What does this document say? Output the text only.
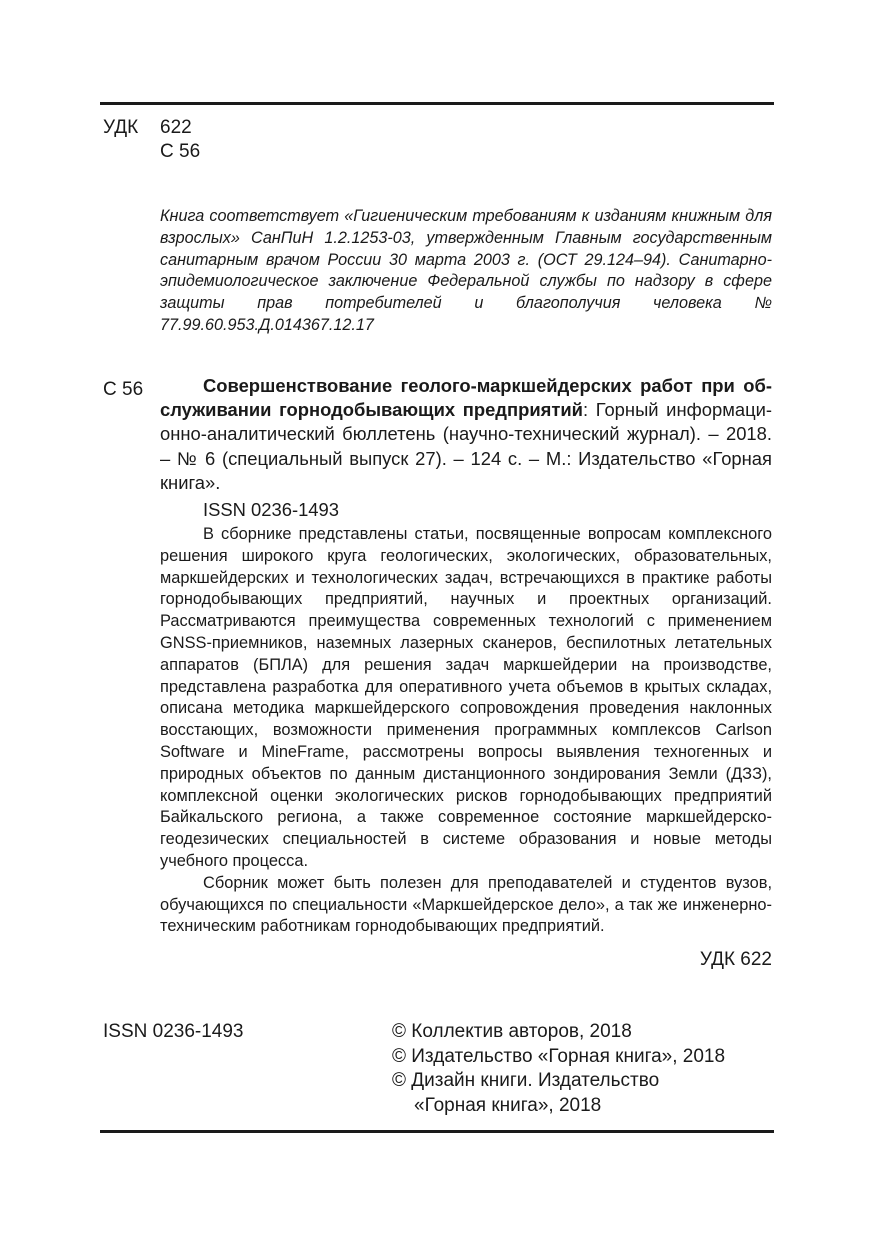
УДК 622
С 56
Книга соответствует «Гигиеническим требованиям к изданиям книжным для взрослых» СанПиН 1.2.1253-03, утвержденным Главным государственным санитарным врачом России 30 марта 2003 г. (ОСТ 29.124–94). Санитарно-эпидемиологическое заключение Федеральной службы по надзору в сфере защиты прав потребителей и благополучия человека № 77.99.60.953.Д.014367.12.17
С 56	Совершенствование геолого-маркшейдерских работ при обслуживании горнодобывающих предприятий: Горный информационно-аналитический бюллетень (научно-технический журнал). – 2018. – № 6 (специальный выпуск 27). – 124 с. – М.: Издательство «Горная книга».
ISSN 0236-1493

В сборнике представлены статьи, посвященные вопросам комплексного решения широкого круга геологических, экологических, образовательных, маркшейдерских и технологических задач, встречающихся в практике работы горнодобывающих предприятий, научных и проектных организаций. Рассматриваются преимущества современных технологий с применением GNSS-приемников, наземных лазерных сканеров, беспилотных летательных аппаратов (БПЛА) для решения задач маркшейдерии на производстве, представлена разработка для оперативного учета объемов в крытых складах, описана методика маркшейдерского сопровождения проведения наклонных восстающих, возможности применения программных комплексов Carlson Software и MineFrame, рассмотрены вопросы выявления техногенных и природных объектов по данным дистанционного зондирования Земли (ДЗЗ), комплексной оценки экологических рисков горнодобывающих предприятий Байкальского региона, а также современное состояние маркшейдерско-геодезических специальностей в системе образования и новые методы учебного процесса.

Сборник может быть полезен для преподавателей и студентов вузов, обучающихся по специальности «Маркшейдерское дело», а так же инженерно-техническим работникам горнодобывающих предприятий.

УДК 622
ISSN 0236-1493	© Коллектив авторов, 2018
© Издательство «Горная книга», 2018
© Дизайн книги. Издательство
«Горная книга», 2018
